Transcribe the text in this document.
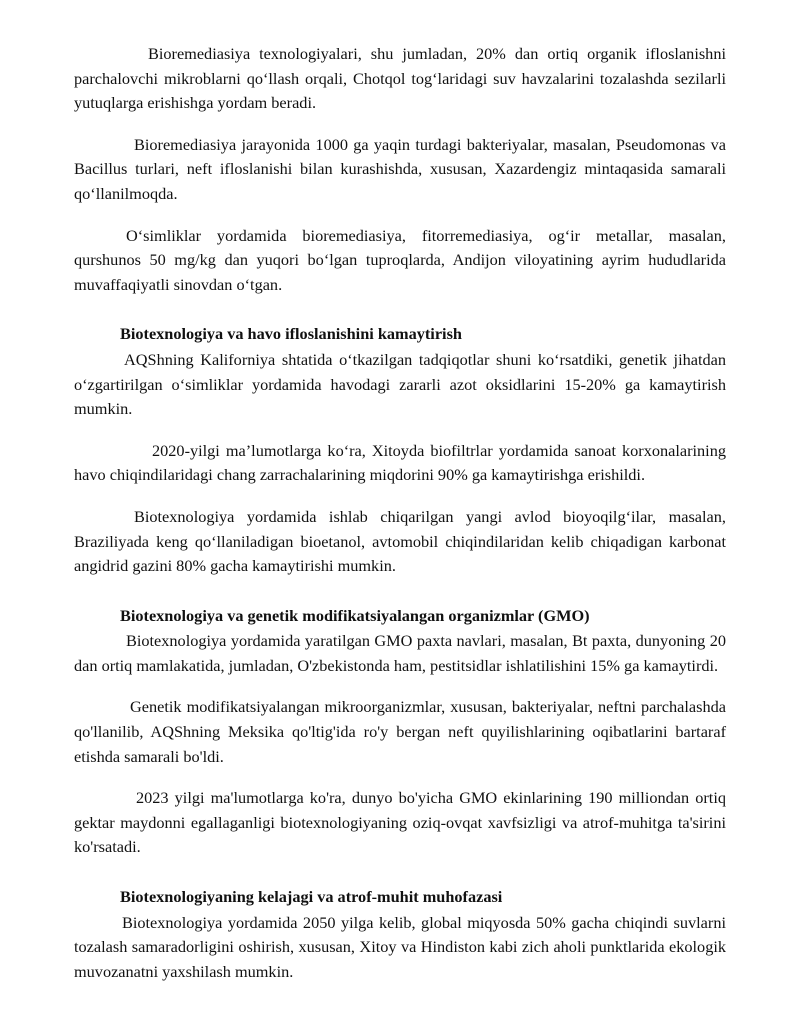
Bioremediasiya texnologiyalari, shu jumladan, 20% dan ortiq organik ifloslanishni parchalovchi mikroblarni qo‘llash orqali, Chotqol tog‘laridagi suv havzalarini tozalashda sezilarli yutuqlarga erishishga yordam beradi.

Bioremediasiya jarayonida 1000 ga yaqin turdagi bakteriyalar, masalan, Pseudomonas va Bacillus turlari, neft ifloslanishi bilan kurashishda, xususan, Xazardengiz mintaqasida samarali qo‘llanilmoqda.

O‘simliklar yordamida bioremediasiya, fitorremediasiya, og‘ir metallar, masalan, qurshunos 50 mg/kg dan yuqori bo‘lgan tuproqlarda, Andijon viloyatining ayrim hududlarida muvaffaqiyatli sinovdan o‘tgan.

Biotexnologiya va havo ifloslanishini kamaytirish

AQShning Kaliforniya shtatida o‘tkazilgan tadqiqotlar shuni ko‘rsatdiki, genetik jihatdan o‘zgartirilgan o‘simliklar yordamida havodagi zararli azot oksidlarini 15-20% ga kamaytirish mumkin.

2020-yilgi ma’lumotlarga ko‘ra, Xitoyda biofiltrlar yordamida sanoat korxonalarining havo chiqindilaridagi chang zarrachalarining miqdorini 90% ga kamaytirishga erishildi.

Biotexnologiya yordamida ishlab chiqarilgan yangi avlod bioyoqilg‘ilar, masalan, Braziliyada keng qo‘llaniladigan bioetanol, avtomobil chiqindilaridan kelib chiqadigan karbonat angidrid gazini 80% gacha kamaytirishi mumkin.

Biotexnologiya va genetik modifikatsiyalangan organizmlar (GMO)

Biotexnologiya yordamida yaratilgan GMO paxta navlari, masalan, Bt paxta, dunyoning 20 dan ortiq mamlakatida, jumladan, O'zbekistonda ham, pestitsidlar ishlatilishini 15% ga kamaytirdi.

Genetik modifikatsiyalangan mikroorganizmlar, xususan, bakteriyalar, neftni parchalashda qo'llanilib, AQShning Meksika qo'ltig'ida ro'y bergan neft quyilishlarining oqibatlarini bartaraf etishda samarali bo'ldi.

2023 yilgi ma'lumotlarga ko'ra, dunyo bo'yicha GMO ekinlarining 190 milliondan ortiq gektar maydonni egallaganligi biotexnologiyaning oziq-ovqat xavfsizligi va atrof-muhitga ta'sirini ko'rsatadi.

Biotexnologiyaning kelajagi va atrof-muhit muhofazasi

Biotexnologiya yordamida 2050 yilga kelib, global miqyosda 50% gacha chiqindi suvlarni tozalash samaradorligini oshirish, xususan, Xitoy va Hindiston kabi zich aholi punktlarida ekologik muvozanatni yaxshilash mumkin.
